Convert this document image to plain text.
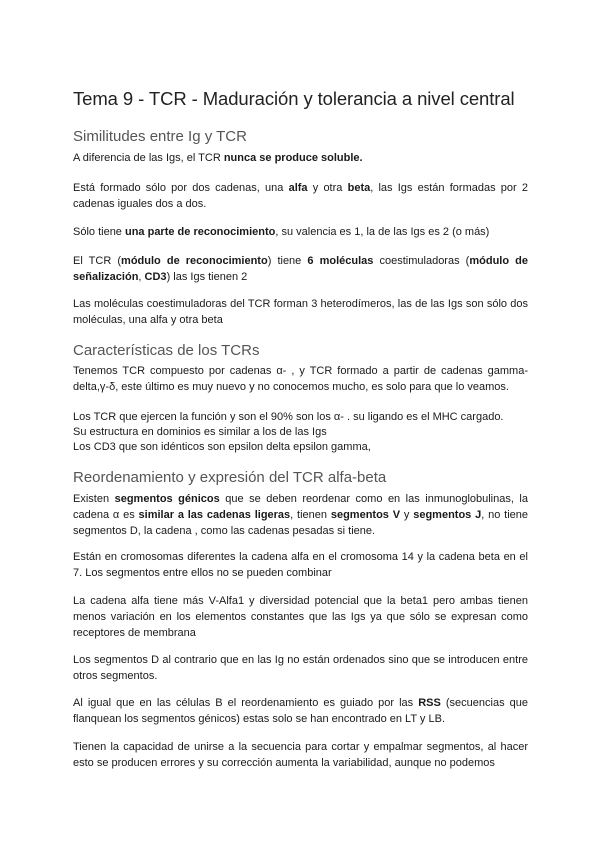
Tema 9 - TCR - Maduración y tolerancia a nivel central
Similitudes entre Ig y TCR

A diferencia de las Igs, el TCR nunca se produce soluble.

Está formado sólo por dos cadenas, una alfa y otra beta, las Igs están formadas por 2 cadenas iguales dos a dos.

Sólo tiene una parte de reconocimiento, su valencia es 1, la de las Igs es 2 (o más)

El TCR (módulo de reconocimiento) tiene 6 moléculas coestimuladoras (módulo de señalización, CD3) las Igs tienen 2

Las moléculas coestimuladoras del TCR forman 3 heterodímeros, las de las Igs son sólo dos moléculas, una alfa y otra beta

Características de los TCRs

Tenemos TCR compuesto por cadenas α- , y TCR formado a partir de cadenas gamma-delta,γ-δ, este último es muy nuevo y no conocemos mucho, es solo para que lo veamos.

Los TCR que ejercen la función y son el 90% son los α- . su ligando es el MHC cargado.

Su estructura en dominios es similar a los de las Igs

Los CD3 que son idénticos son epsilon delta epsilon gamma,

Reordenamiento y expresión del TCR alfa-beta

Existen segmentos génicos que se deben reordenar como en las inmunoglobulinas, la cadena α es similar a las cadenas ligeras, tienen segmentos V y segmentos J, no tiene segmentos D, la cadena , como las cadenas pesadas si tiene.

Están en cromosomas diferentes la cadena alfa en el cromosoma 14 y la cadena beta en el 7. Los segmentos entre ellos no se pueden combinar

La cadena alfa tiene más V-Alfa1 y diversidad potencial que la beta1 pero ambas tienen menos variación en los elementos constantes que las Igs ya que sólo se expresan como receptores de membrana

Los segmentos D al contrario que en las Ig no están ordenados sino que se introducen entre otros segmentos.

Al igual que en las células B el reordenamiento es guiado por las RSS (secuencias que flanquean los segmentos génicos) estas solo se han encontrado en LT y LB.

Tienen la capacidad de unirse a la secuencia para cortar y empalmar segmentos, al hacer esto se producen errores y su corrección aumenta la variabilidad, aunque no podemos
